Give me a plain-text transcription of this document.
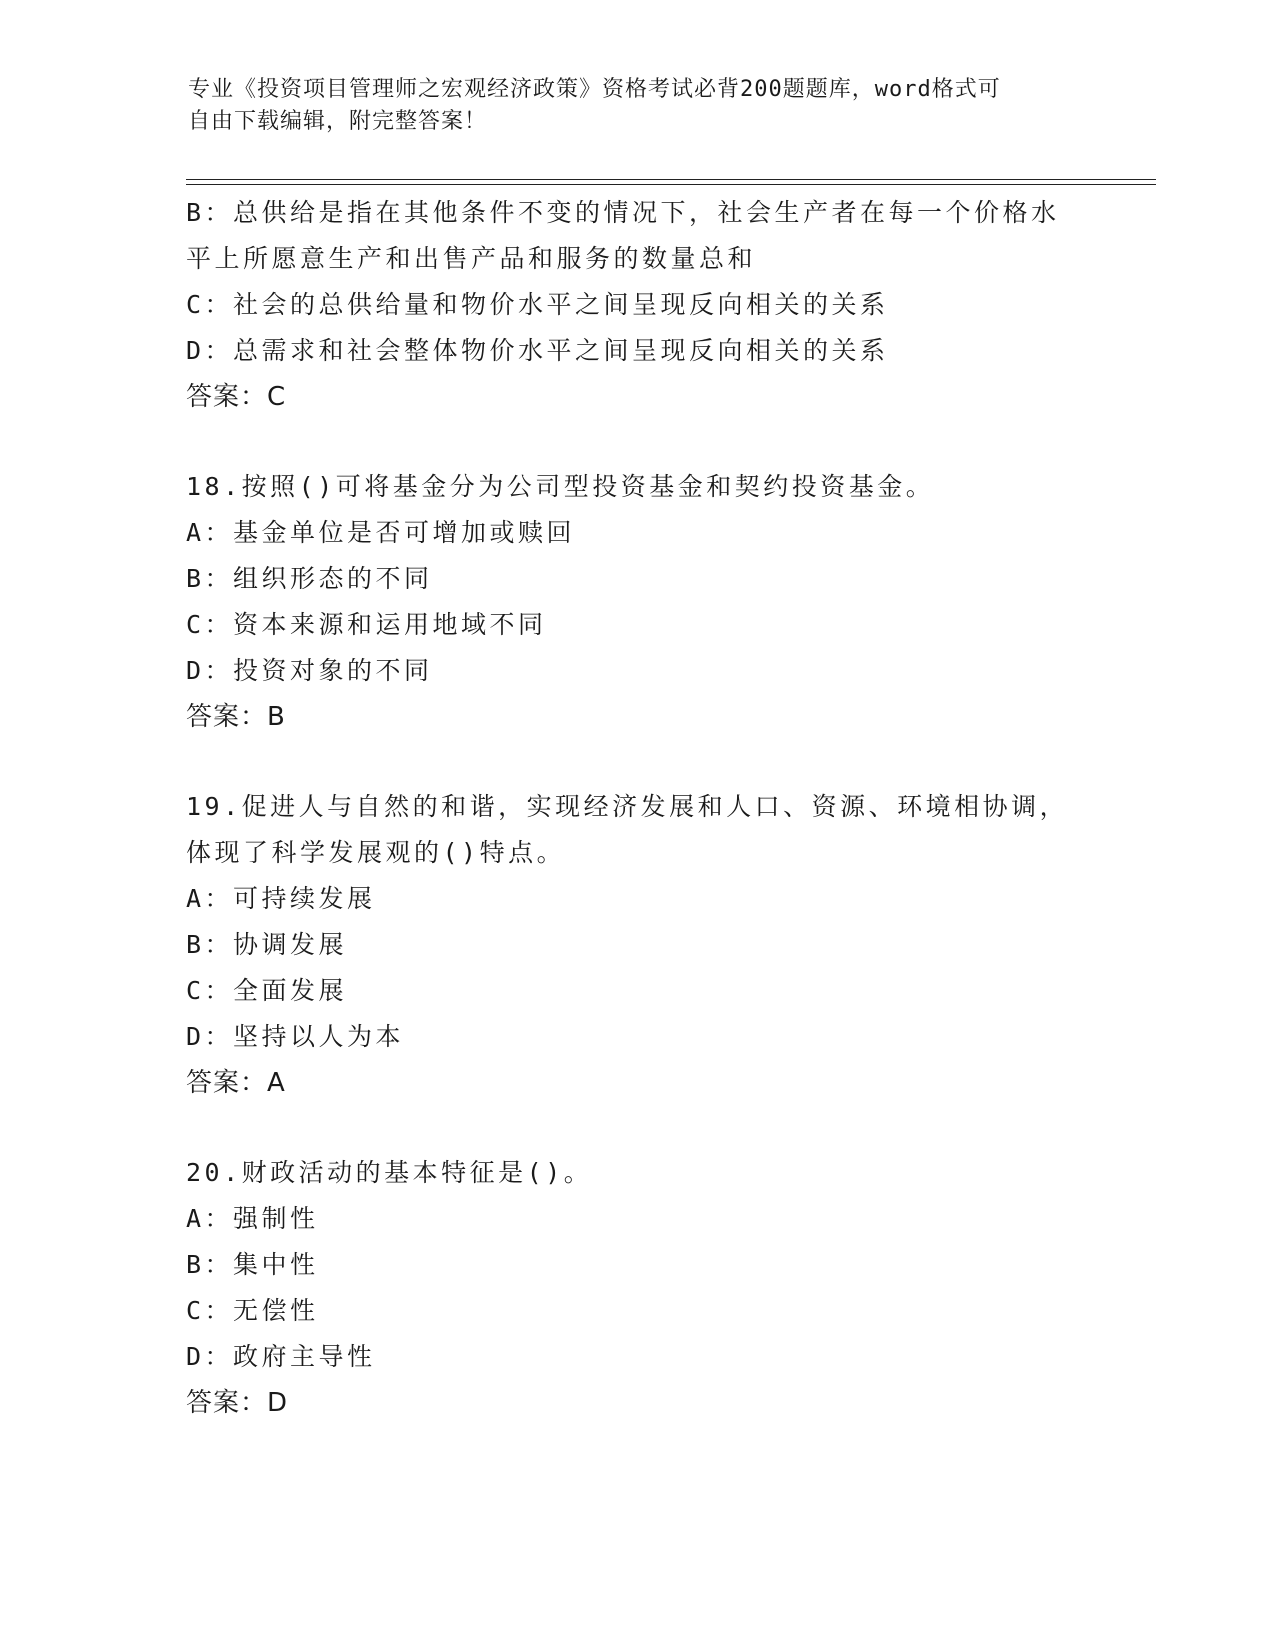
专业《投资项目管理师之宏观经济政策》资格考试必背200题题库，word格式可
自由下载编辑，附完整答案！
B：总供给是指在其他条件不变的情况下，社会生产者在每一个价格水
平上所愿意生产和出售产品和服务的数量总和
C：社会的总供给量和物价水平之间呈现反向相关的关系
D：总需求和社会整体物价水平之间呈现反向相关的关系
答案：C
18.按照()可将基金分为公司型投资基金和契约投资基金。
A：基金单位是否可增加或赎回
B：组织形态的不同
C：资本来源和运用地域不同
D：投资对象的不同
答案：B
19.促进人与自然的和谐，实现经济发展和人口、资源、环境相协调，
体现了科学发展观的()特点。
A：可持续发展
B：协调发展
C：全面发展
D：坚持以人为本
答案：A
20.财政活动的基本特征是()。
A：强制性
B：集中性
C：无偿性
D：政府主导性
答案：D
